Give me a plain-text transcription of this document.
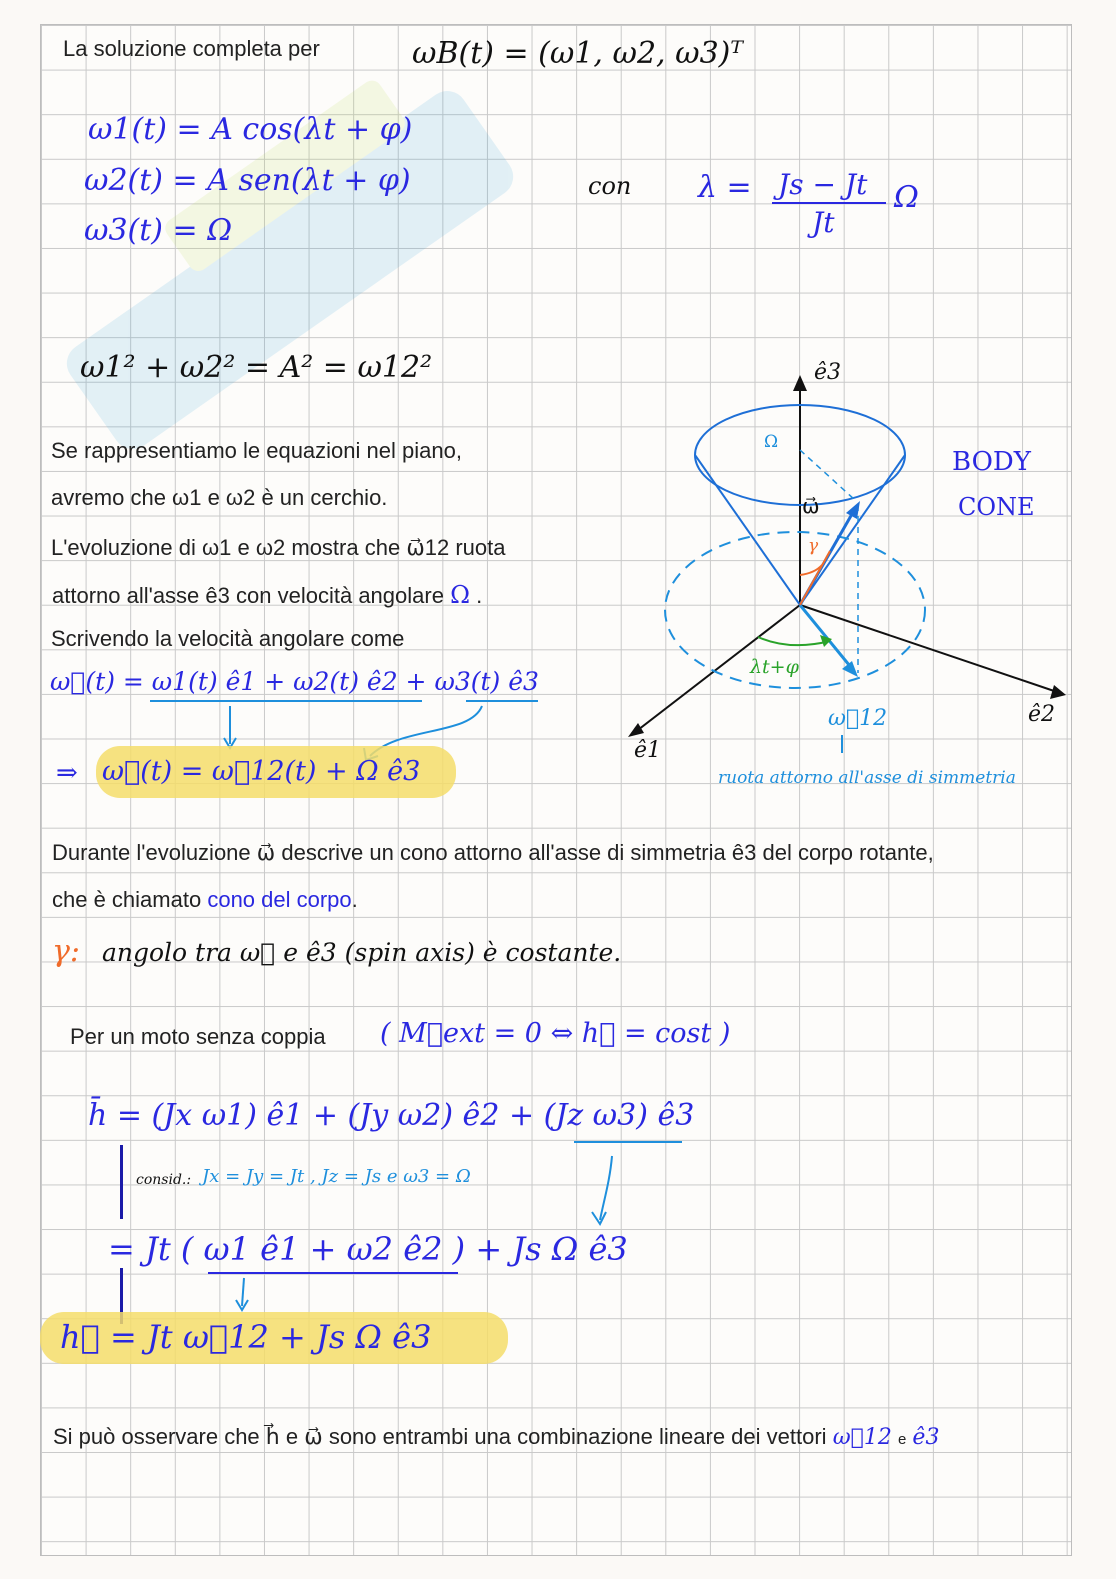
La soluzione completa per	ωB(t) = (ω1, ω2, ω3)ᵀ
ω1(t) = A cos(λt + φ)
ω2(t) = A sen(λt + φ)
ω3(t) = Ω
con λ = Js − Jt
Jt
Ω
ω1² + ω2² = A² = ω12²
Se rappresentiamo le equazioni nel piano,
avremo che ω1 e ω2 è un cerchio.
L'evoluzione di ω1 e ω2 mostra che ω⃗12 ruota
attorno all'asse ê3 con velocità angolare Ω .
Scrivendo la velocità angolare come
ω⃗(t) = ω1(t) ê1 + ω2(t) ê2 + ω3(t) ê3
⇒ ω⃗(t) = ω⃗12(t) + Ω ê3
ê3
ê1
ê2
Ω
ω⃗
γ
λt+φ
ω⃗12
BODY
CONE
ruota attorno all'asse di simmetria
Durante l'evoluzione ω⃗ descrive un cono attorno all'asse di simmetria ê3 del corpo rotante,
che è chiamato cono del corpo.
γ: angolo tra ω⃗ e ê3 (spin axis) è costante.
Per un moto senza coppia ( M⃗ext = 0 ⇔ h⃗ = cost )
h̄ = (Jx ω1) ê1 + (Jy ω2) ê2 + (Jz ω3) ê3
consid.: Jx = Jy = Jt , Jz = Js e ω3 = Ω
= Jt ( ω1 ê1 + ω2 ê2 ) + Js Ω ê3
h⃗ = Jt ω⃗12 + Js Ω ê3
Si può osservare che h⃗ e ω⃗ sono entrambi una combinazione lineare dei vettori ω⃗12 e ê3
